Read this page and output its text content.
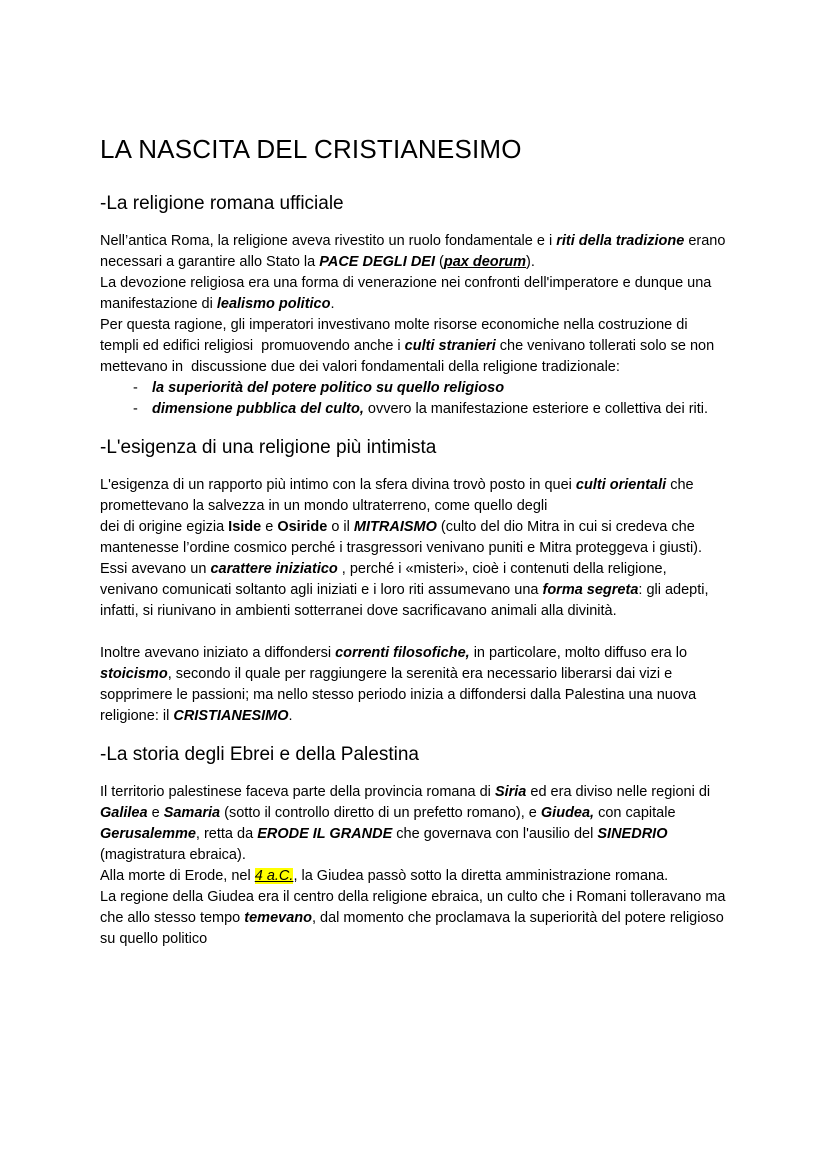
LA NASCITA DEL CRISTIANESIMO
-La religione romana ufficiale

Nell’antica Roma, la religione aveva rivestito un ruolo fondamentale e i riti della tradizione erano necessari a garantire allo Stato la PACE DEGLI DEI (pax deorum).

La devozione religiosa era una forma di venerazione nei confronti dell'imperatore e dunque una manifestazione di lealismo politico.

Per questa ragione, gli imperatori investivano molte risorse economiche nella costruzione di templi ed edifici religiosi  promuovendo anche i culti stranieri che venivano tollerati solo se non mettevano in  discussione due dei valori fondamentali della religione tradizionale:

- la superiorità del potere politico su quello religioso
- dimensione pubblica del culto, ovvero la manifestazione esteriore e collettiva dei riti.
-L'esigenza di una religione più intimista

L'esigenza di un rapporto più intimo con la sfera divina trovò posto in quei culti orientali che promettevano la salvezza in un mondo ultraterreno, come quello degli
dei di origine egizia Iside e Osiride o il MITRAISMO (culto del dio Mitra in cui si credeva che mantenesse l’ordine cosmico perché i trasgressori venivano puniti e Mitra proteggeva i giusti).

Essi avevano un carattere iniziatico , perché i «misteri», cioè i contenuti della religione, venivano comunicati soltanto agli iniziati e i loro riti assumevano una forma segreta: gli adepti, infatti, si riunivano in ambienti sotterranei dove sacrificavano animali alla divinità.

Inoltre avevano iniziato a diffondersi correnti filosofiche, in particolare, molto diffuso era lo stoicismo, secondo il quale per raggiungere la serenità era necessario liberarsi dai vizi e sopprimere le passioni; ma nello stesso periodo inizia a diffondersi dalla Palestina una nuova religione: il CRISTIANESIMO.

-La storia degli Ebrei e della Palestina

Il territorio palestinese faceva parte della provincia romana di Siria ed era diviso nelle regioni di Galilea e Samaria (sotto il controllo diretto di un prefetto romano), e Giudea, con capitale Gerusalemme, retta da ERODE IL GRANDE che governava con l'ausilio del SINEDRIO (magistratura ebraica).

Alla morte di Erode, nel 4 a.C., la Giudea passò sotto la diretta amministrazione romana.

La regione della Giudea era il centro della religione ebraica, un culto che i Romani tolleravano ma che allo stesso tempo temevano, dal momento che proclamava la superiorità del potere religioso su quello politico
